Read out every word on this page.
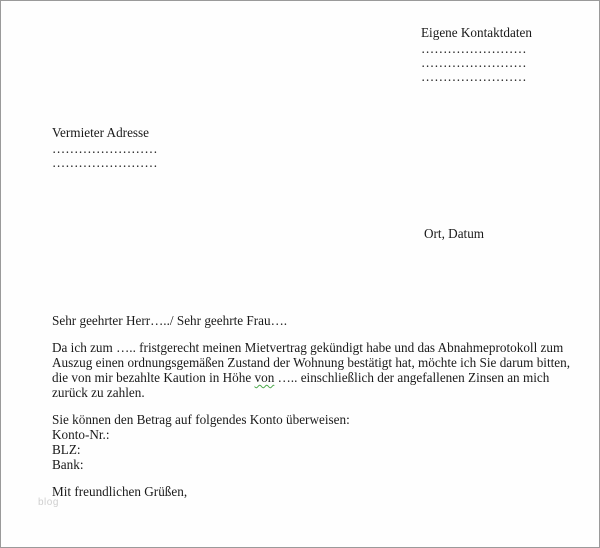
Eigene Kontaktdaten
……………………
……………………
……………………
Vermieter Adresse
……………………
……………………
Ort, Datum
Sehr geehrter Herr…../ Sehr geehrte Frau….
Da ich zum ….. fristgerecht meinen Mietvertrag gekündigt habe und das Abnahmeprotokoll zum
Auszug einen ordnungsgemäßen Zustand der Wohnung bestätigt hat, möchte ich Sie darum bitten,
die von mir bezahlte Kaution in Höhe von ….. einschließlich der angefallenen Zinsen an mich
zurück zu zahlen.
Sie können den Betrag auf folgendes Konto überweisen:
Konto-Nr.:
BLZ:
Bank:
Mit freundlichen Grüßen,
blog
